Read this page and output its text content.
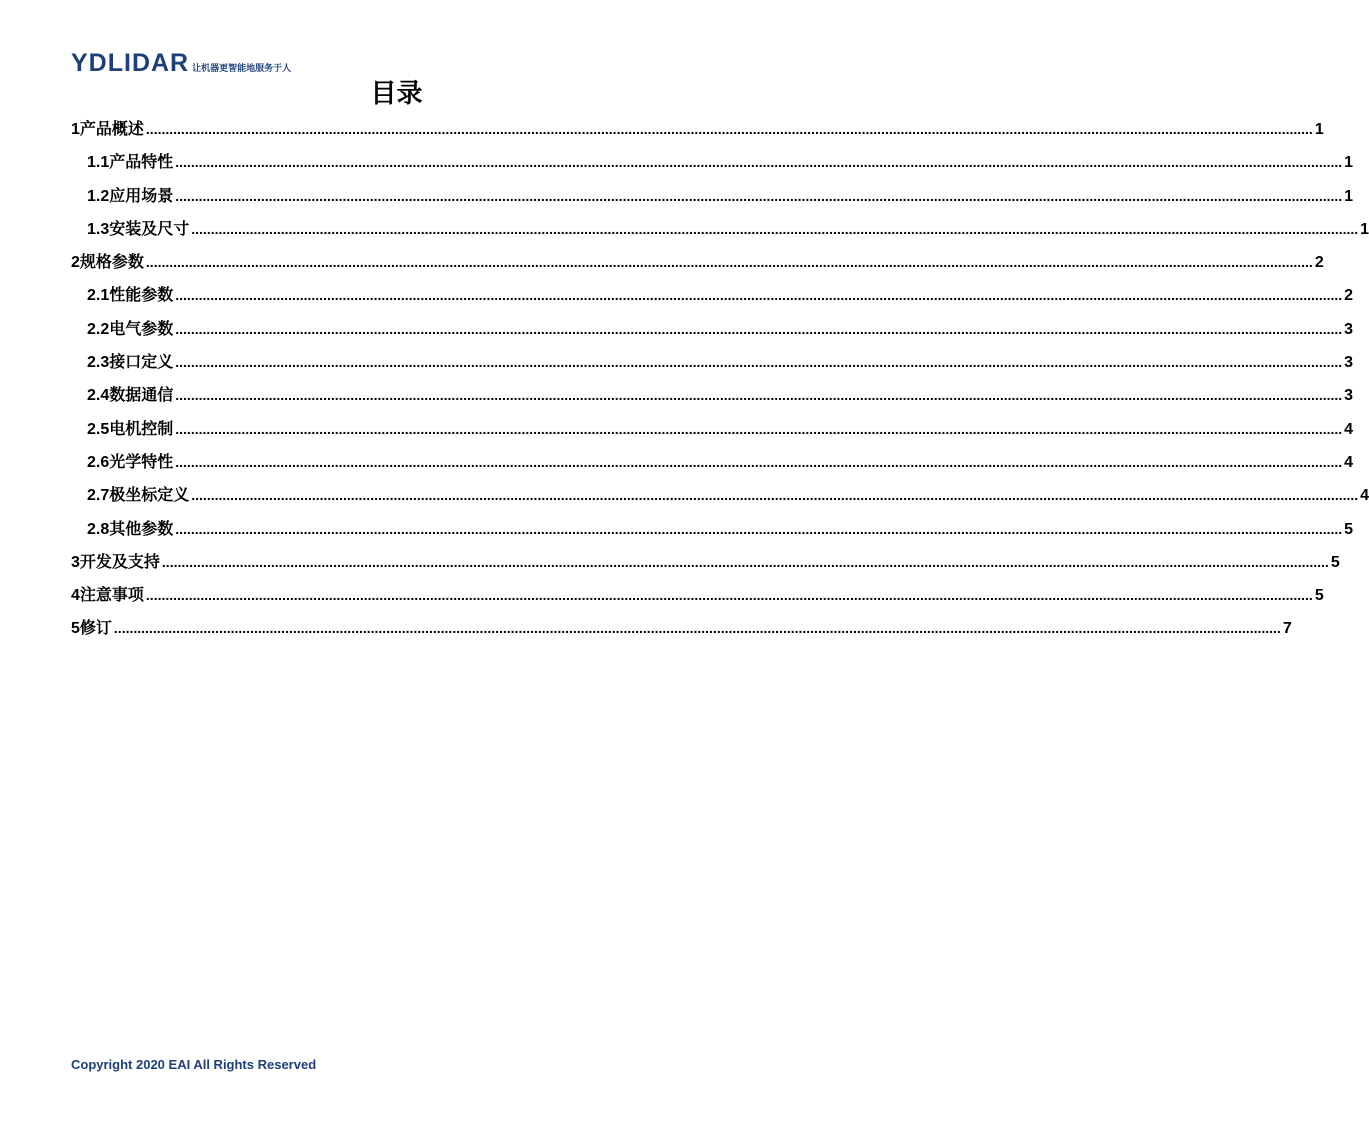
YDLIDAR 让机器更智能地服务于人
目录
1 产品概述 ............................................................................................................................................................................................................................................................................................................ 1
1.1 产品特性 ............................................................................................................................................................................................................................................................................................................ 1
1.2 应用场景 ............................................................................................................................................................................................................................................................................................................ 1
1.3 安装及尺寸 ............................................................................................................................................................................................................................................................................................................ 1
2 规格参数 ............................................................................................................................................................................................................................................................................................................ 2
2.1 性能参数 ............................................................................................................................................................................................................................................................................................................ 2
2.2 电气参数 ............................................................................................................................................................................................................................................................................................................ 3
2.3 接口定义 ............................................................................................................................................................................................................................................................................................................ 3
2.4 数据通信 ............................................................................................................................................................................................................................................................................................................ 3
2.5 电机控制 ............................................................................................................................................................................................................................................................................................................ 4
2.6 光学特性 ............................................................................................................................................................................................................................................................................................................ 4
2.7 极坐标定义 ............................................................................................................................................................................................................................................................................................................ 4
2.8 其他参数 ............................................................................................................................................................................................................................................................................................................ 5
3 开发及支持 ............................................................................................................................................................................................................................................................................................................ 5
4 注意事项 ............................................................................................................................................................................................................................................................................................................ 5
5 修订 ............................................................................................................................................................................................................................................................................................................ 7
Copyright 2020 EAI All Rights Reserved
